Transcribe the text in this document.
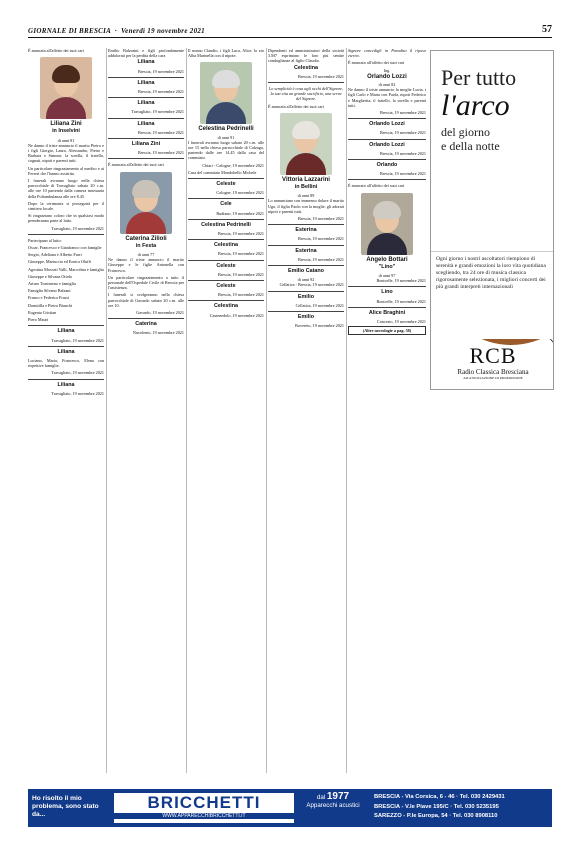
GIORNALE DI BRESCIA  ·  Venerdì 19 novembre 2021	57

È mancata all'affetto dei suoi cari

Liliana Zini
in Inselvini
di anni 81

Ne danno il triste annuncio il marito Pietro e i figli Giorgio, Laura, Alessandro, Pietro e Barbara e Simone, la sorella, il fratello, cognati, nipoti e parenti tutti.

Un particolare ringraziamento al medico e ai Ferreri che l'hanno assistita.

I funerali avranno luogo nella chiesa parrocchiale di Travagliato sabato 20 c.m. alle ore 10 partendo dalla camera mortuaria della Poliambulanza alle ore 8.45.

Dopo la cerimonia si proseguirà per il cimitero locale.

Si ringraziano coloro che in qualsiasi modo prenderanno parte al lutto.

Travagliato, 19 novembre 2021

Partecipano al lutto:

Oscar, Francesco e Gianfranco con famiglie

Sergio, Adeliana e Alberto Furri

Giuseppe, Mariuccia ed Enrica Oluffi

Agostina Moscati Valli, Marcolina e famiglia

Giuseppe e Silvana Ottolo

Arturo Trasimeno e famiglia

Famiglia Silvano Balzani

Franco e Federica Frassi

Domitilla e Pietro Bianchi

Eugenia Cristian

Piero Mauri

Liliana
Travagliato, 19 novembre 2021
Liliana

Luciano, Maria, Francesco, Elena con rispettive famiglie.

Travagliato, 19 novembre 2021
Liliana
Travagliato, 19 novembre 2021

Emilio Balzarini e figli profondamente addolorati per la perdita della cara

Liliana
Brescia, 19 novembre 2021
Liliana
Brescia, 19 novembre 2021
Liliana
Travagliato, 19 novembre 2021
Liliana
Brescia, 19 novembre 2021
Liliana Zini
Brescia, 19 novembre 2021

È mancata all'affetto dei suoi cari

Caterina Zilioli
in Festa
di anni 77

Ne danno il triste annuncio il marito Giuseppe e le figlie Antonella con Francesco.

Un particolare ringraziamento a tutto il personale dell'Ospedale Civile di Brescia per l'assistenza.

I funerali si svolgeranno nella chiesa parrocchiale di Gavardo sabato 20 c.m. alle ore 10.

Gavardo, 19 novembre 2021
Caterina
Nuvolento, 19 novembre 2021

Il nonno Claudio, i figli Luca, Alice, lo zio Alba Marinella con il nipote.

Celestina Pedrinelli
di anni 91

I funerali avranno luogo sabato 20 c.m. alle ore 15 nella chiesa parrocchiale di Calzago, partendo dalle ore 14.45 dalla casa del commiato.

Chiari - Cologne, 19 novembre 2021

Casa del commiato Mondobello Michele

Celeste
Cologne, 19 novembre 2021
Cele
Rudiano, 19 novembre 2021
Celestina Pedrinelli
Brescia, 19 novembre 2021
Celestina
Brescia, 19 novembre 2021
Celeste
Brescia, 19 novembre 2021
Celeste
Brescia, 19 novembre 2021
Celestina
Castenedolo, 19 novembre 2021

Dipendenti ed amministratori della società 3.M7 esprimono le loro più sentite condoglianze al figlio Claudio.

Celestina
Brescia, 19 novembre 2021

Lo semplicità è cosa agli occhi dell'Signore, la sua vita un grande sacrificio, una serva del Signore.

È mancata all'affetto dei suoi cari

Vittoria Lazzarini
in Bellini
di anni 89

Lo annunciano con immenso dolore il marito Ugo, il figlio Paolo con la moglie, gli adorati nipoti e parenti tutti.

Brescia, 19 novembre 2021
Esterina
Brescia, 19 novembre 2021
Esterina
Brescia, 19 novembre 2021
Emilio Catano
di anni 92
Cellatica - Brescia, 19 novembre 2021
Emilio
Cellatica, 19 novembre 2021
Emilio
Rovereto, 19 novembre 2021

Signore concedigli in Paradiso il riposo eterno.

È mancato all'affetto dei suoi cari

Ing.
Orlando Lozzi
di anni 82

Ne danno il triste annuncio la moglie Lucia, i figli Carlo e Marta con Paola, nipoti Federico e Margherita, il fratello, la sorella e parenti tutti.

Brescia, 19 novembre 2021
Orlando Lozzi
Brescia, 19 novembre 2021
Orlando Lozzi
Brescia, 19 novembre 2021
Orlando
Brescia, 19 novembre 2021

È mancato all'affetto dei suoi cari

Angelo Bottari
"Lino"
di anni 97
Bonicelle, 19 novembre 2021
Lino
Bonicelle, 19 novembre 2021
Alice Braghini
Concesio, 19 novembre 2021
(Altre necrologie a pag. 58)
Per tutto
l'arco
del giorno
e della notte
Ogni giorno i nostri ascoltatori riempiono di serenità e grandi emozioni la loro vita quotidiana scegliendo, tra 24 ore di musica classica rigorosamente selezionata, i migliori concerti dei più grandi interpreti internazionali
RCB
Radio Classica Bresciana
AD ASSOCIAZIONE DI PROMOZIONE
Ho risolto il mio problema, sono stato da...
BRICCHETTI
WWW.APPARECCHIBRICCHETTI.IT
dal 1977
Apparecchi acustici
BRESCIA - Via Corsica, 6 - 46 · Tel. 030 2429431
BRESCIA - V.le Piave 195/C · Tel. 030 5235195
SAREZZO - P.le Europa, 54 · Tel. 030 8908110
